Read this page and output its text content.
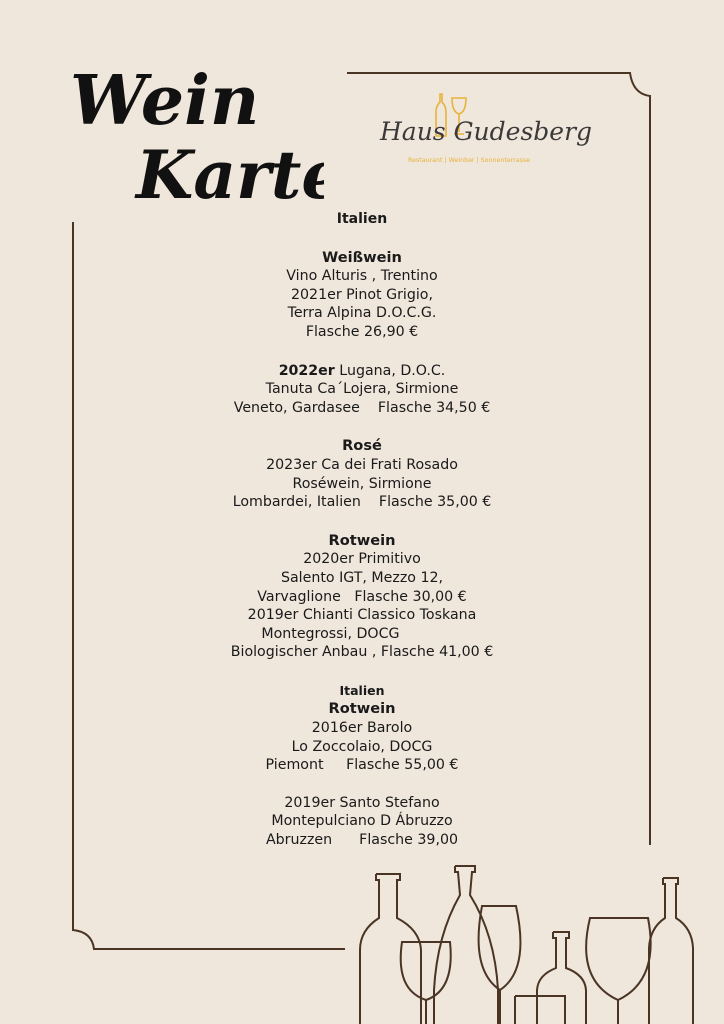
Wein
Karte
Haus Gudesberg
Restaurant | Weinbar | Sonnenterrasse
Italien
Weißwein
Vino Alturis , Trentino
2021er Pinot Grigio,
Terra Alpina D.O.C.G.
Flasche 26,90 €
2022er Lugana, D.O.C.
Tanuta Ca´Lojera, Sirmione
Veneto, Gardasee    Flasche 34,50 €
Rosé
2023er Ca dei Frati Rosado
Roséwein, Sirmione
Lombardei, Italien    Flasche 35,00 €
Rotwein
2020er Primitivo
Salento IGT, Mezzo 12,
Varvaglione   Flasche 30,00 €
2019er Chianti Classico Toskana
Montegrossi, DOCG
Biologischer Anbau , Flasche 41,00 €
Italien
Rotwein
2016er Barolo
Lo Zoccolaio, DOCG
Piemont     Flasche 55,00 €
2019er Santo Stefano
Montepulciano D Ábruzzo
Abruzzen      Flasche 39,00
